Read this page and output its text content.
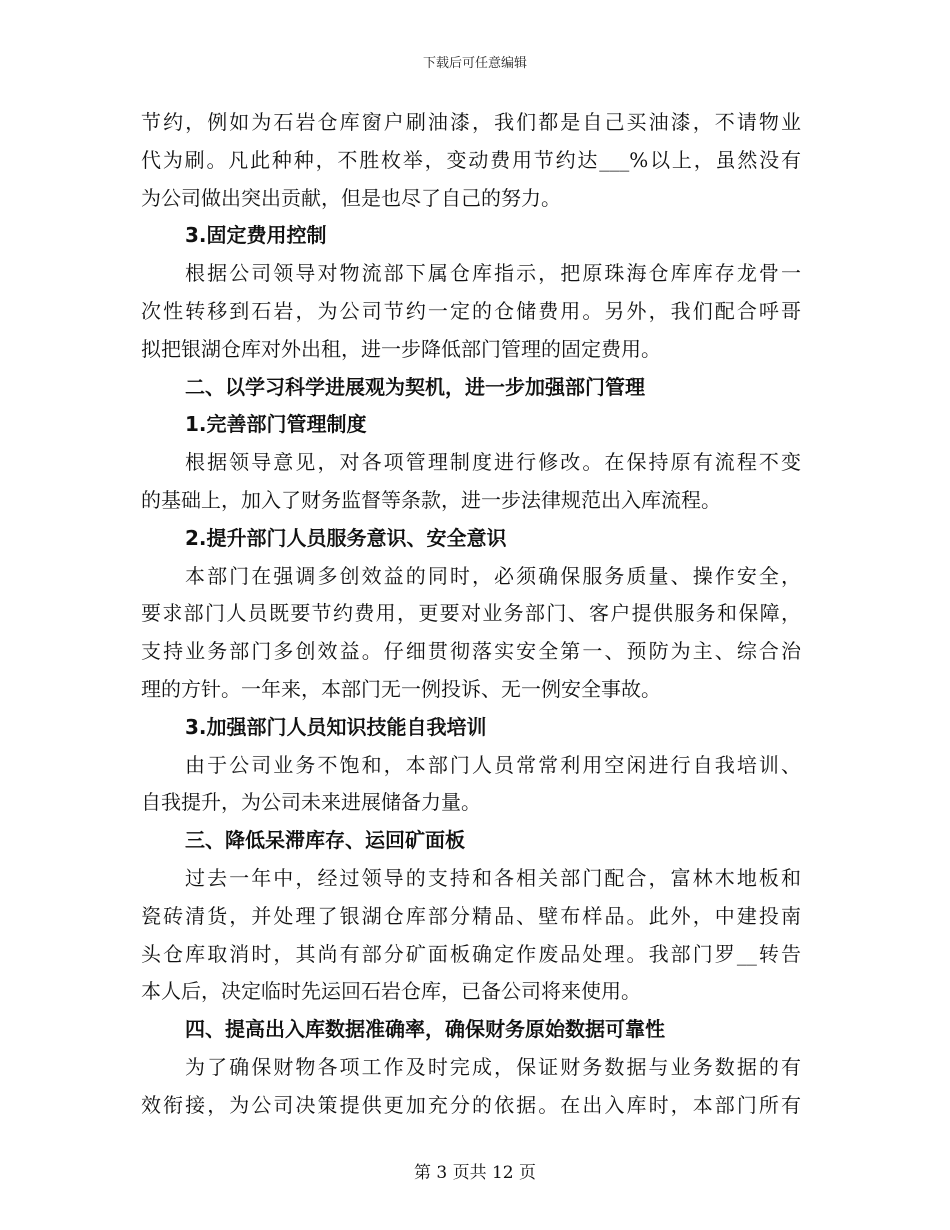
下载后可任意编辑
节约，例如为石岩仓库窗户刷油漆，我们都是自己买油漆，不请物业
代为刷。凡此种种，不胜枚举，变动费用节约达___%以上，虽然没有
为公司做出突出贡献，但是也尽了自己的努力。
3.固定费用控制
根据公司领导对物流部下属仓库指示，把原珠海仓库库存龙骨一
次性转移到石岩，为公司节约一定的仓储费用。另外，我们配合呼哥
拟把银湖仓库对外出租，进一步降低部门管理的固定费用。
二、以学习科学进展观为契机，进一步加强部门管理
1.完善部门管理制度
根据领导意见，对各项管理制度进行修改。在保持原有流程不变
的基础上，加入了财务监督等条款，进一步法律规范出入库流程。
2.提升部门人员服务意识、安全意识
本部门在强调多创效益的同时，必须确保服务质量、操作安全，
要求部门人员既要节约费用，更要对业务部门、客户提供服务和保障，
支持业务部门多创效益。仔细贯彻落实安全第一、预防为主、综合治
理的方针。一年来，本部门无一例投诉、无一例安全事故。
3.加强部门人员知识技能自我培训
由于公司业务不饱和，本部门人员常常利用空闲进行自我培训、
自我提升，为公司未来进展储备力量。
三、降低呆滞库存、运回矿面板
过去一年中，经过领导的支持和各相关部门配合，富林木地板和
瓷砖清货，并处理了银湖仓库部分精品、壁布样品。此外，中建投南
头仓库取消时，其尚有部分矿面板确定作废品处理。我部门罗__转告
本人后，决定临时先运回石岩仓库，已备公司将来使用。
四、提高出入库数据准确率，确保财务原始数据可靠性
为了确保财物各项工作及时完成，保证财务数据与业务数据的有
效衔接，为公司决策提供更加充分的依据。在出入库时，本部门所有
第 3 页共 12 页
